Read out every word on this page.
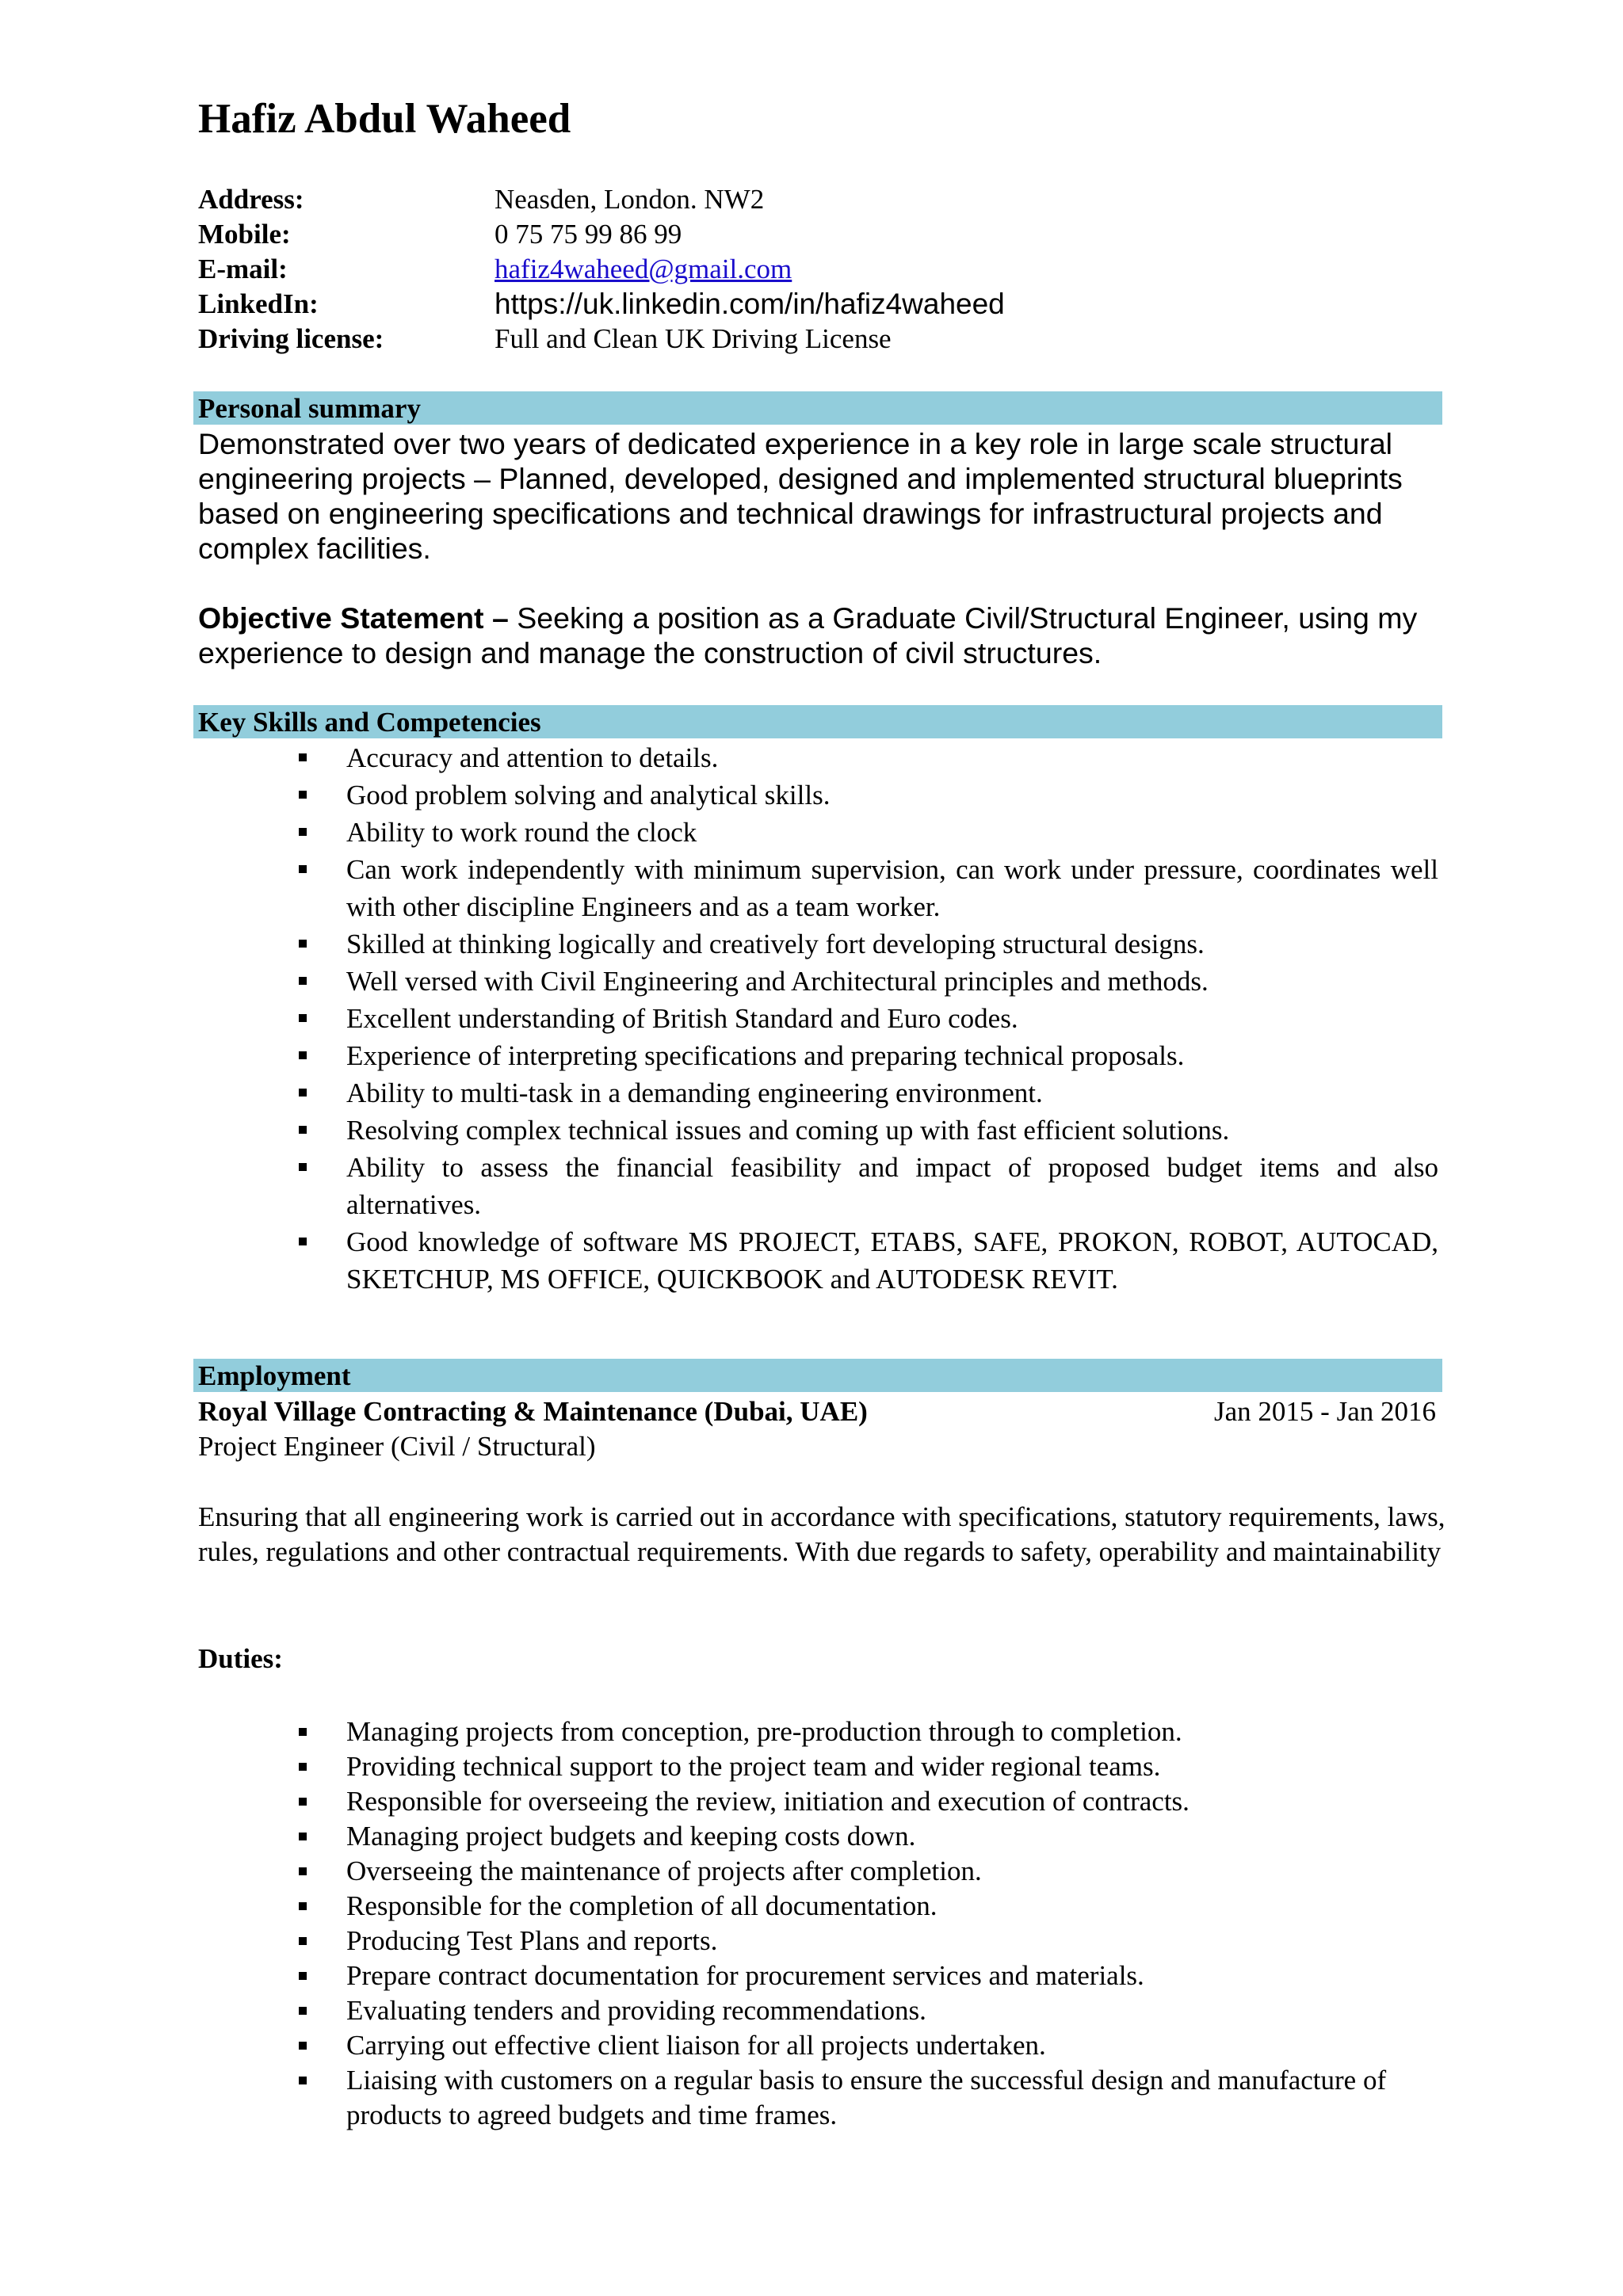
Hafiz Abdul Waheed
Address:	Neasden, London. NW2
Mobile:	0 75 75 99 86 99
E-mail:	hafiz4waheed@gmail.com
LinkedIn:	https://uk.linkedin.com/in/hafiz4waheed
Driving license:	Full and Clean UK Driving License
Personal summary
Demonstrated over two years of dedicated experience in a key role in large scale structural engineering projects – Planned, developed, designed and implemented structural blueprints based on engineering specifications and technical drawings for infrastructural projects and complex facilities.
Objective Statement – Seeking a position as a Graduate Civil/Structural Engineer, using my experience to design and manage the construction of civil structures.
Key Skills and Competencies
Accuracy and attention to details.
Good problem solving and analytical skills.
Ability to work round the clock
Can work independently with minimum supervision, can work under pressure, coordinates well with other discipline Engineers and as a team worker.
Skilled at thinking logically and creatively fort developing structural designs.
Well versed with Civil Engineering and Architectural principles and methods.
Excellent understanding of British Standard and Euro codes.
Experience of interpreting specifications and preparing technical proposals.
Ability to multi-task in a demanding engineering environment.
Resolving complex technical issues and coming up with fast efficient solutions.
Ability to assess the financial feasibility and impact of proposed budget items and also alternatives.
Good knowledge of software MS PROJECT, ETABS, SAFE, PROKON, ROBOT, AUTOCAD, SKETCHUP, MS OFFICE, QUICKBOOK and AUTODESK REVIT.
Employment
Royal Village Contracting & Maintenance (Dubai, UAE)	Jan 2015 - Jan 2016
Project Engineer (Civil / Structural)
Ensuring that all engineering work is carried out in accordance with specifications, statutory requirements, laws, rules, regulations and other contractual requirements. With due regards to safety, operability and maintainability
Duties:
Managing projects from conception, pre-production through to completion.
Providing technical support to the project team and wider regional teams.
Responsible for overseeing the review, initiation and execution of contracts.
Managing project budgets and keeping costs down.
Overseeing the maintenance of projects after completion.
Responsible for the completion of all documentation.
Producing Test Plans and reports.
Prepare contract documentation for procurement services and materials.
Evaluating tenders and providing recommendations.
Carrying out effective client liaison for all projects undertaken.
Liaising with customers on a regular basis to ensure the successful design and manufacture of products to agreed budgets and time frames.
